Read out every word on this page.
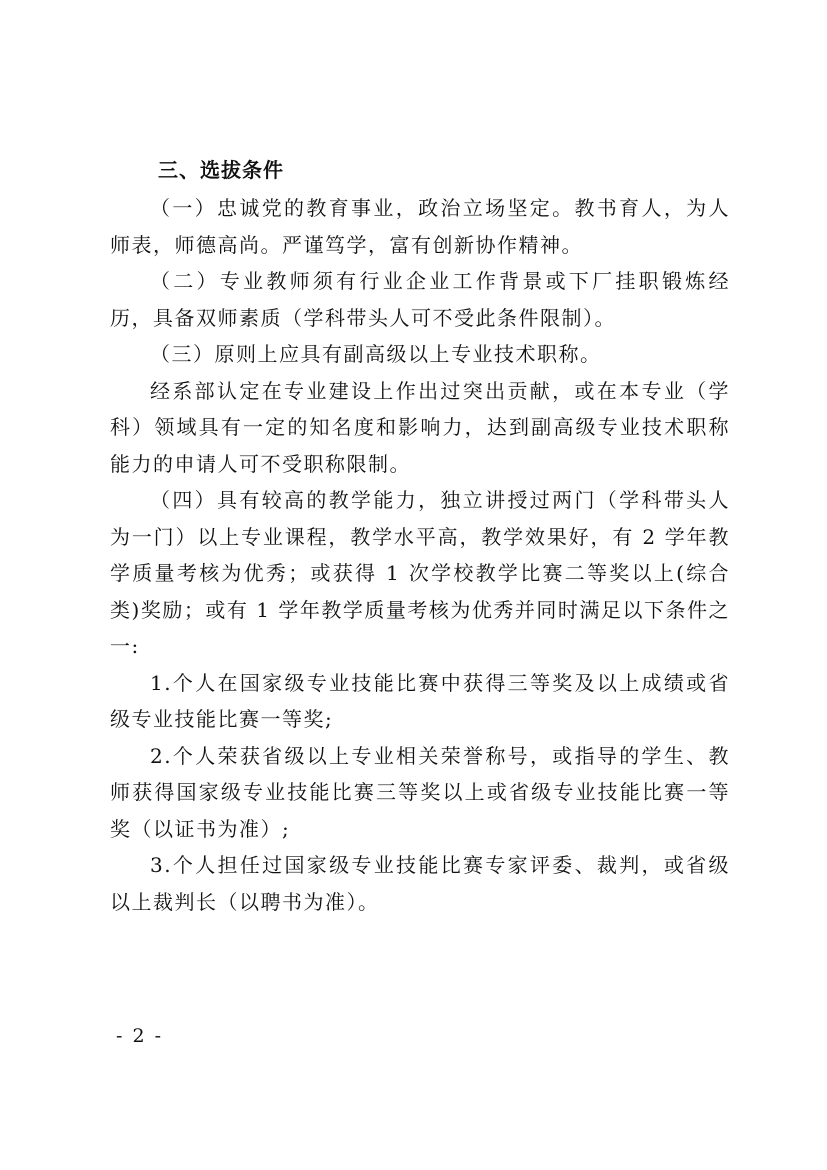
三、选拔条件

（一）忠诚党的教育事业，政治立场坚定。教书育人，为人师表，师德高尚。严谨笃学，富有创新协作精神。

（二）专业教师须有行业企业工作背景或下厂挂职锻炼经历，具备双师素质（学科带头人可不受此条件限制）。

（三）原则上应具有副高级以上专业技术职称。

经系部认定在专业建设上作出过突出贡献，或在本专业（学科）领域具有一定的知名度和影响力，达到副高级专业技术职称能力的申请人可不受职称限制。

（四）具有较高的教学能力，独立讲授过两门（学科带头人为一门）以上专业课程，教学水平高，教学效果好，有 2 学年教学质量考核为优秀；或获得 1 次学校教学比赛二等奖以上(综合类)奖励；或有 1 学年教学质量考核为优秀并同时满足以下条件之一:

1.个人在国家级专业技能比赛中获得三等奖及以上成绩或省级专业技能比赛一等奖;

2.个人荣获省级以上专业相关荣誉称号，或指导的学生、教师获得国家级专业技能比赛三等奖以上或省级专业技能比赛一等奖（以证书为准）;

3.个人担任过国家级专业技能比赛专家评委、裁判，或省级以上裁判长（以聘书为准）。

- 2 -
